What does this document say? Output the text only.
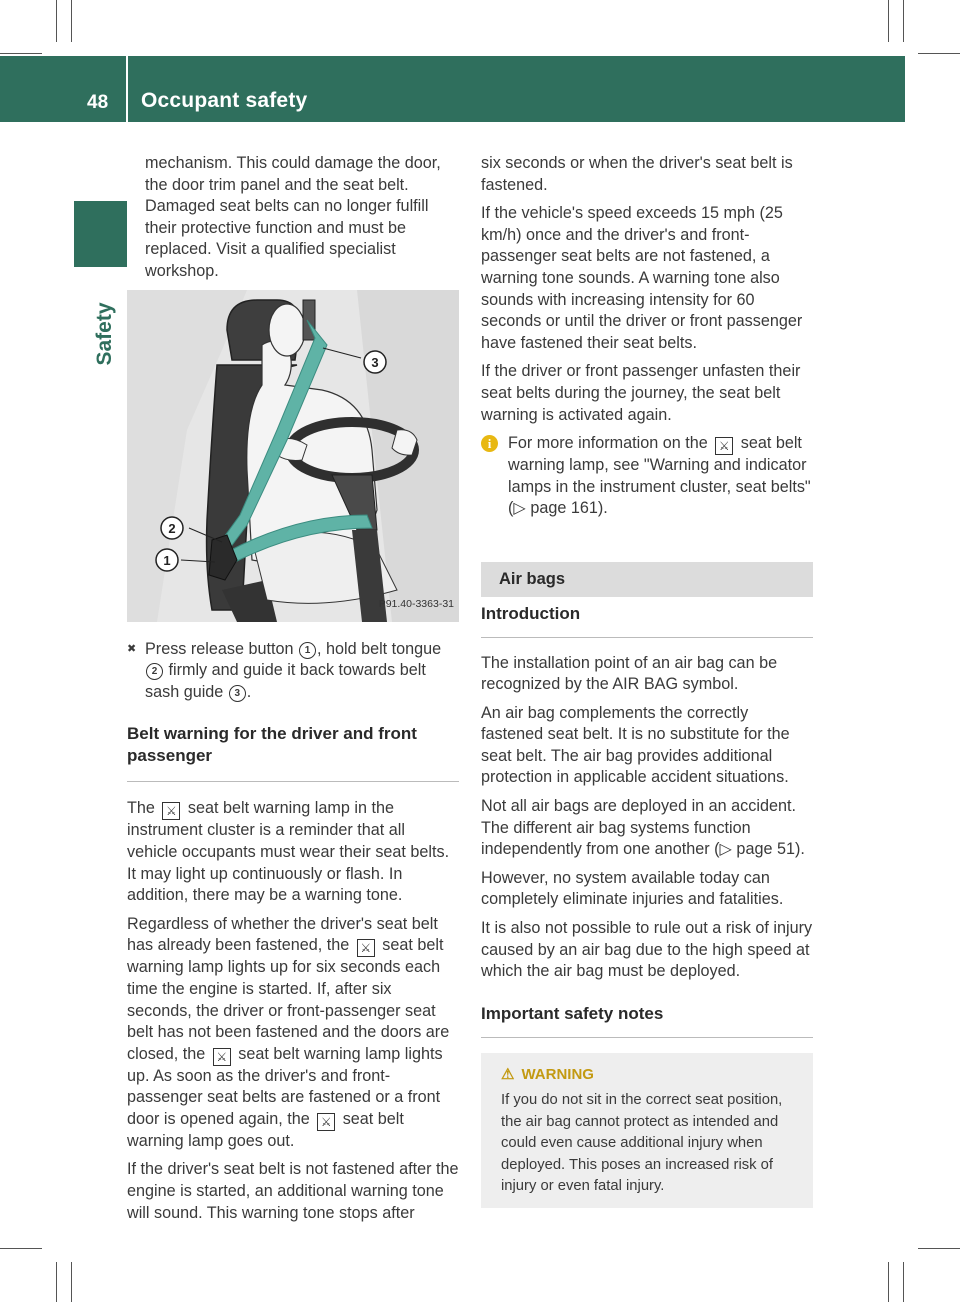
48 Occupant safety
Safety

mechanism. This could damage the door, the door trim panel and the seat belt. Damaged seat belts can no longer fulfill their protective function and must be replaced. Visit a qualified specialist workshop.

2
1
3
P91.40-3363-31
✖ Press release button 1 , hold belt tongue 2 firmly and guide it back towards belt sash guide 3 .
Belt warning for the driver and front passenger

The ⚔ seat belt warning lamp in the instrument cluster is a reminder that all vehicle occupants must wear their seat belts. It may light up continuously or flash. In addition, there may be a warning tone.

Regardless of whether the driver's seat belt has already been fastened, the ⚔ seat belt warning lamp lights up for six seconds each time the engine is started. If, after six seconds, the driver or front-passenger seat belt has not been fastened and the doors are closed, the ⚔ seat belt warning lamp lights up. As soon as the driver's and front-passenger seat belts are fastened or a front door is opened again, the ⚔ seat belt warning lamp goes out.

If the driver's seat belt is not fastened after the engine is started, an additional warning tone will sound. This warning tone stops after

six seconds or when the driver's seat belt is fastened.

If the vehicle's speed exceeds 15 mph (25 km/h) once and the driver's and front-passenger seat belts are not fastened, a warning tone sounds. A warning tone also sounds with increasing intensity for 60 seconds or until the driver or front passenger have fastened their seat belts.

If the driver or front passenger unfasten their seat belts during the journey, the seat belt warning is activated again.

i	For more information on the ⚔ seat belt warning lamp, see "Warning and indicator lamps in the instrument cluster, seat belts" (▷ page 161).
Air bags
Introduction

The installation point of an air bag can be recognized by the AIR BAG symbol.

An air bag complements the correctly fastened seat belt. It is no substitute for the seat belt. The air bag provides additional protection in applicable accident situations.

Not all air bags are deployed in an accident. The different air bag systems function independently from one another (▷ page 51).

However, no system available today can completely eliminate injuries and fatalities.

It is also not possible to rule out a risk of injury caused by an air bag due to the high speed at which the air bag must be deployed.

Important safety notes
⚠ WARNING
If you do not sit in the correct seat position, the air bag cannot protect as intended and could even cause additional injury when deployed. This poses an increased risk of injury or even fatal injury.
